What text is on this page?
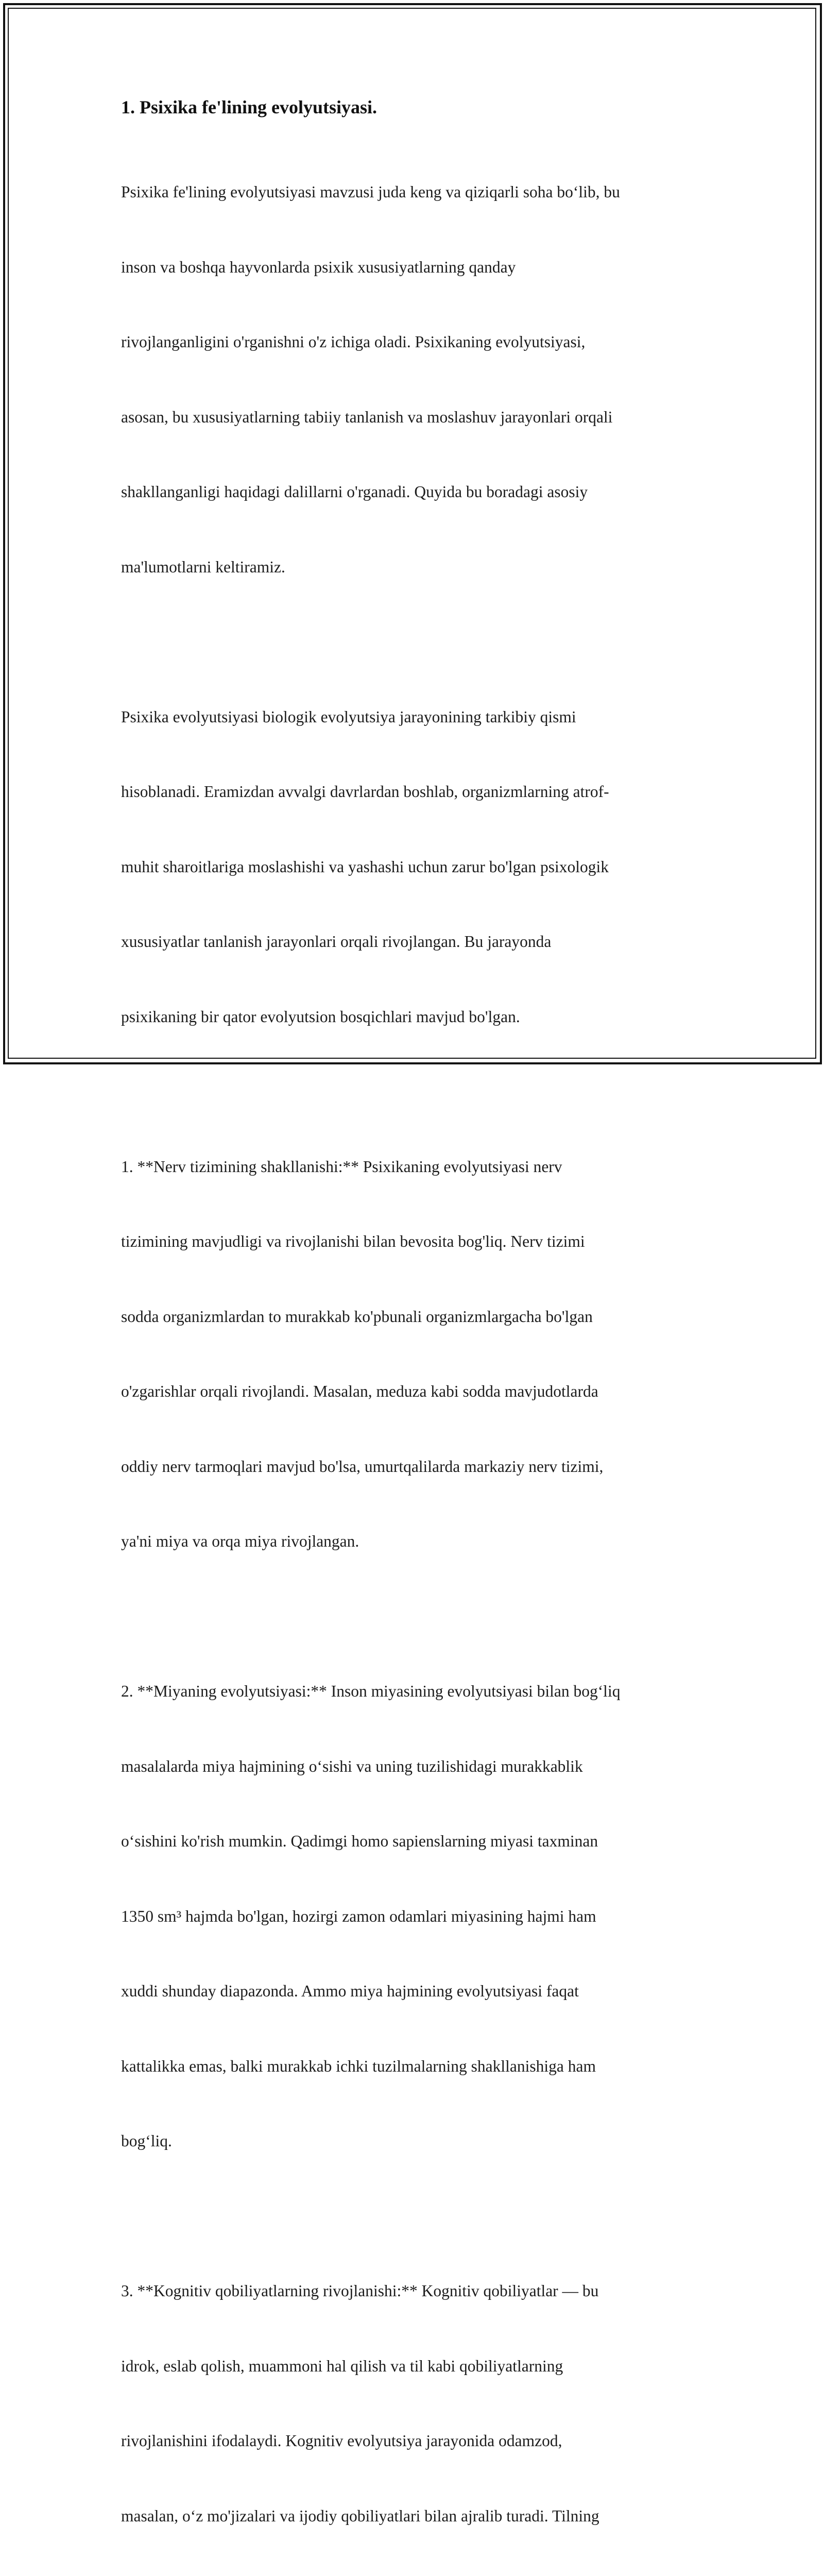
1. Psixika fe'lining evolyutsiyasi.

Psixika fe'lining evolyutsiyasi mavzusi juda keng va qiziqarli soha bo‘lib, bu

inson va boshqa hayvonlarda psixik xususiyatlarning qanday

rivojlanganligini o'rganishni o'z ichiga oladi. Psixikaning evolyutsiyasi,

asosan, bu xususiyatlarning tabiiy tanlanish va moslashuv jarayonlari orqali

shakllanganligi haqidagi dalillarni o'rganadi. Quyida bu boradagi asosiy

ma'lumotlarni keltiramiz.

Psixika evolyutsiyasi biologik evolyutsiya jarayonining tarkibiy qismi

hisoblanadi. Eramizdan avvalgi davrlardan boshlab, organizmlarning atrof-

muhit sharoitlariga moslashishi va yashashi uchun zarur bo'lgan psixologik

xususiyatlar tanlanish jarayonlari orqali rivojlangan. Bu jarayonda

psixikaning bir qator evolyutsion bosqichlari mavjud bo'lgan.

1. **Nerv tizimining shakllanishi:** Psixikaning evolyutsiyasi nerv

tizimining mavjudligi va rivojlanishi bilan bevosita bog'liq. Nerv tizimi

sodda organizmlardan to murakkab ko'pbunali organizmlargacha bo'lgan

o'zgarishlar orqali rivojlandi. Masalan, meduza kabi sodda mavjudotlarda

oddiy nerv tarmoqlari mavjud bo'lsa, umurtqalilarda markaziy nerv tizimi,

ya'ni miya va orqa miya rivojlangan.

2. **Miyaning evolyutsiyasi:** Inson miyasining evolyutsiyasi bilan bog‘liq

masalalarda miya hajmining o‘sishi va uning tuzilishidagi murakkablik

o‘sishini ko'rish mumkin. Qadimgi homo sapienslarning miyasi taxminan

1350 sm³ hajmda bo'lgan, hozirgi zamon odamlari miyasining hajmi ham

xuddi shunday diapazonda. Ammo miya hajmining evolyutsiyasi faqat

kattalikka emas, balki murakkab ichki tuzilmalarning shakllanishiga ham

bog‘liq.

3. **Kognitiv qobiliyatlarning rivojlanishi:** Kognitiv qobiliyatlar — bu

idrok, eslab qolish, muammoni hal qilish va til kabi qobiliyatlarning

rivojlanishini ifodalaydi. Kognitiv evolyutsiya jarayonida odamzod,

masalan, o‘z mo'jizalari va ijodiy qobiliyatlari bilan ajralib turadi. Tilning
